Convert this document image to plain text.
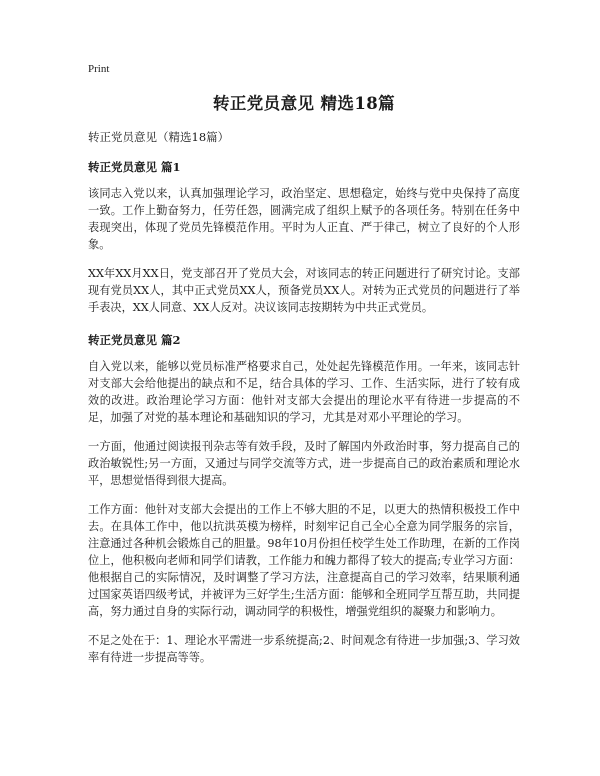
Print
转正党员意见 精选18篇
转正党员意见（精选18篇）
转正党员意见 篇1

该同志入党以来，认真加强理论学习，政治坚定、思想稳定，始终与党中央保持了高度一致。工作上勤奋努力，任劳任怨，圆满完成了组织上赋予的各项任务。特别在任务中表现突出，体现了党员先锋模范作用。平时为人正直、严于律己，树立了良好的个人形象。

XX年XX月XX日，党支部召开了党员大会，对该同志的转正问题进行了研究讨论。支部现有党员XX人，其中正式党员XX人，预备党员XX人。对转为正式党员的问题进行了举手表决，XX人同意、XX人反对。决议该同志按期转为中共正式党员。

转正党员意见 篇2

自入党以来，能够以党员标准严格要求自己，处处起先锋模范作用。一年来，该同志针对支部大会给他提出的缺点和不足，结合具体的学习、工作、生活实际，进行了较有成效的改进。政治理论学习方面：他针对支部大会提出的理论水平有待进一步提高的不足，加强了对党的基本理论和基础知识的学习，尤其是对邓小平理论的学习。

一方面，他通过阅读报刊杂志等有效手段，及时了解国内外政治时事，努力提高自己的政治敏锐性;另一方面，又通过与同学交流等方式，进一步提高自己的政治素质和理论水平，思想觉悟得到很大提高。

工作方面：他针对支部大会提出的工作上不够大胆的不足，以更大的热情积极投工作中去。在具体工作中，他以抗洪英模为榜样，时刻牢记自己全心全意为同学服务的宗旨，注意通过各种机会锻炼自己的胆量。98年10月份担任校学生处工作助理，在新的工作岗位上，他积极向老师和同学们请教，工作能力和魄力都得了较大的提高;专业学习方面：他根据自己的实际情况，及时调整了学习方法，注意提高自己的学习效率，结果顺利通过国家英语四级考试，并被评为三好学生;生活方面：能够和全班同学互帮互助，共同提高，努力通过自身的实际行动，调动同学的积极性，增强党组织的凝聚力和影响力。

不足之处在于：1、理论水平需进一步系统提高;2、时间观念有待进一步加强;3、学习效率有待进一步提高等等。
